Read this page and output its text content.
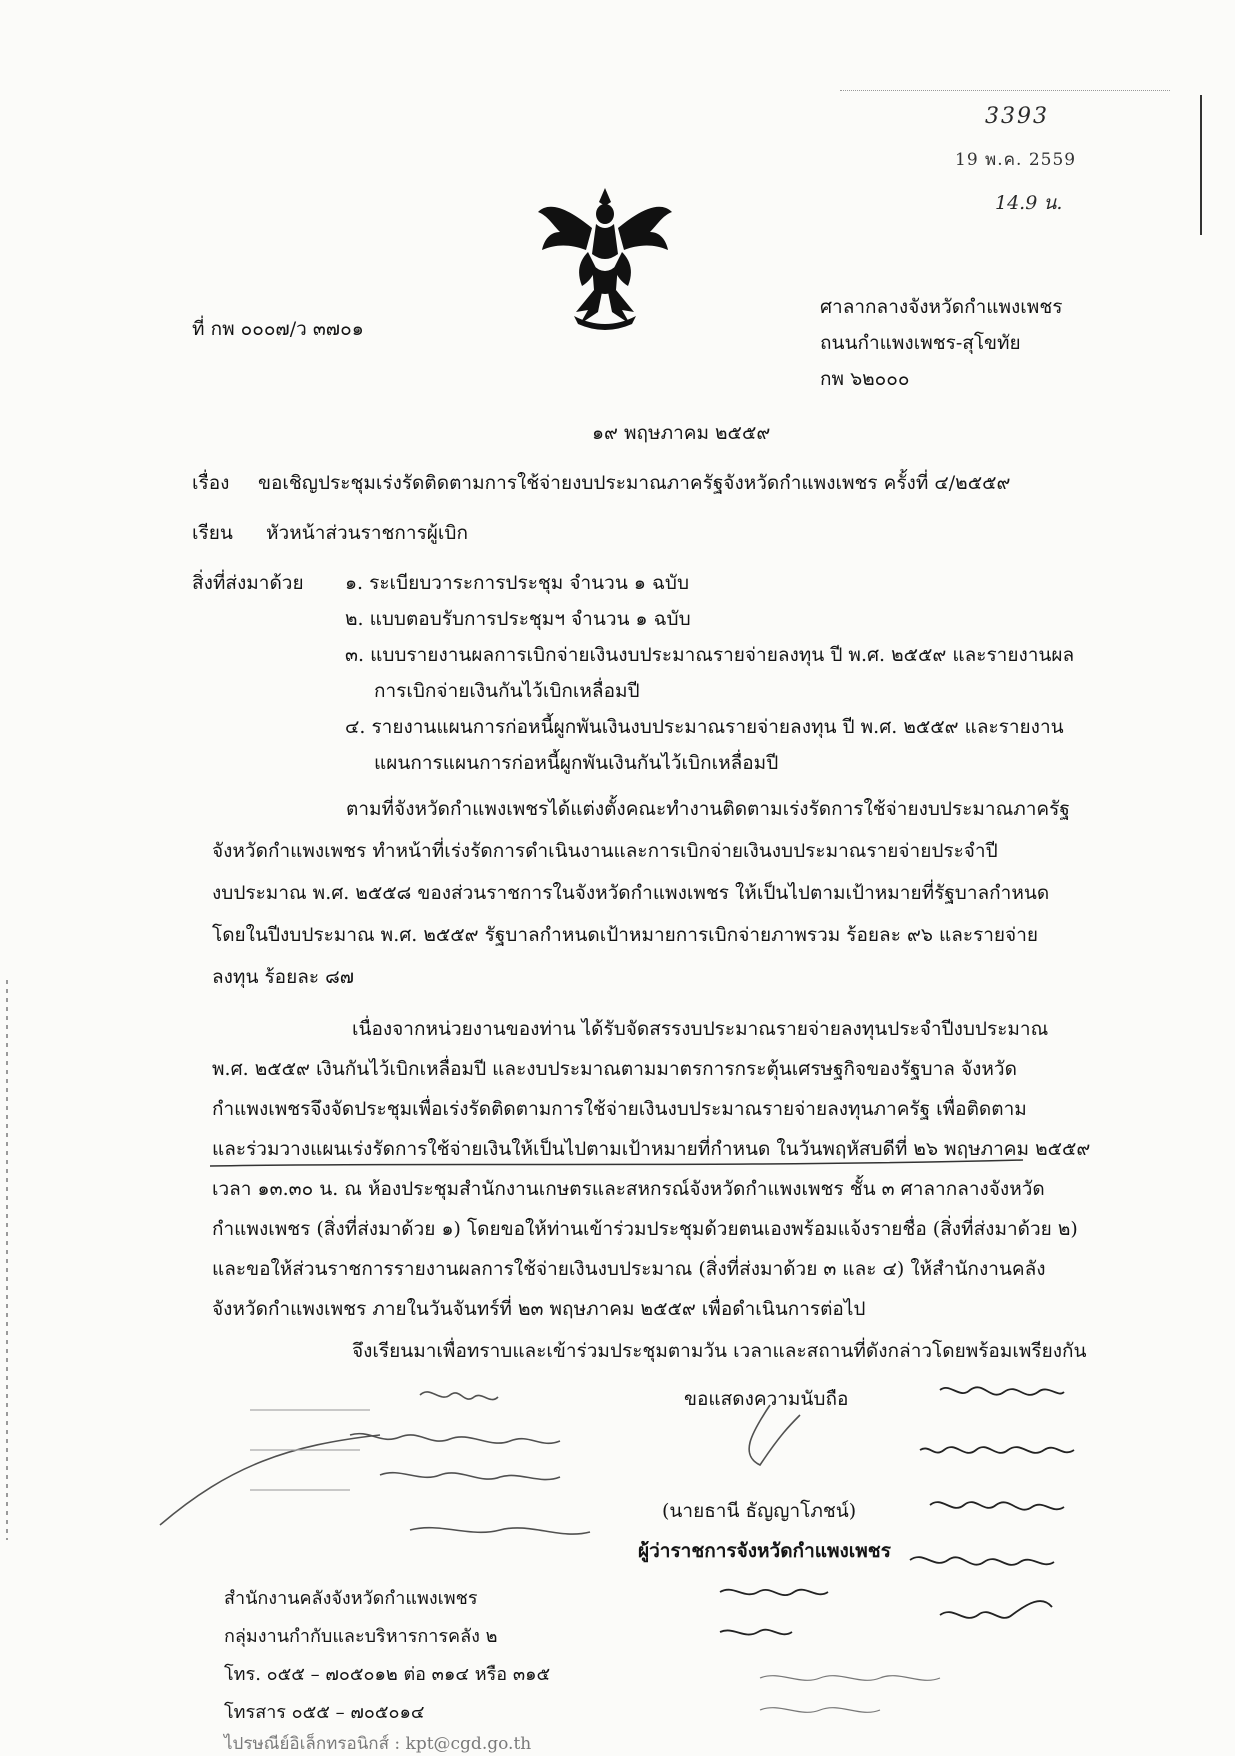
3393
19 พ.ค. 2559
14.9 น.
ที่ กพ ๐๐๐๗/ว ๓๗๐๑
ศาลากลางจังหวัดกำแพงเพชร
ถนนกำแพงเพชร-สุโขทัย
กพ ๖๒๐๐๐
๑๙ พฤษภาคม ๒๕๕๙
เรื่อง ขอเชิญประชุมเร่งรัดติดตามการใช้จ่ายงบประมาณภาครัฐจังหวัดกำแพงเพชร ครั้งที่ ๔/๒๕๕๙
เรียน หัวหน้าส่วนราชการผู้เบิก
สิ่งที่ส่งมาด้วย ๑. ระเบียบวาระการประชุม จำนวน ๑ ฉบับ
๒. แบบตอบรับการประชุมฯ จำนวน ๑ ฉบับ
๓. แบบรายงานผลการเบิกจ่ายเงินงบประมาณรายจ่ายลงทุน ปี พ.ศ. ๒๕๕๙ และรายงานผล
การเบิกจ่ายเงินกันไว้เบิกเหลื่อมปี
๔. รายงานแผนการก่อหนี้ผูกพันเงินงบประมาณรายจ่ายลงทุน ปี พ.ศ. ๒๕๕๙ และรายงาน
แผนการแผนการก่อหนี้ผูกพันเงินกันไว้เบิกเหลื่อมปี
ตามที่จังหวัดกำแพงเพชรได้แต่งตั้งคณะทำงานติดตามเร่งรัดการใช้จ่ายงบประมาณภาครัฐ
จังหวัดกำแพงเพชร ทำหน้าที่เร่งรัดการดำเนินงานและการเบิกจ่ายเงินงบประมาณรายจ่ายประจำปี
งบประมาณ พ.ศ. ๒๕๕๘ ของส่วนราชการในจังหวัดกำแพงเพชร ให้เป็นไปตามเป้าหมายที่รัฐบาลกำหนด
โดยในปีงบประมาณ พ.ศ. ๒๕๕๙ รัฐบาลกำหนดเป้าหมายการเบิกจ่ายภาพรวม ร้อยละ ๙๖ และรายจ่าย
ลงทุน ร้อยละ ๘๗
เนื่องจากหน่วยงานของท่าน ได้รับจัดสรรงบประมาณรายจ่ายลงทุนประจำปีงบประมาณ
พ.ศ. ๒๕๕๙ เงินกันไว้เบิกเหลื่อมปี และงบประมาณตามมาตรการกระตุ้นเศรษฐกิจของรัฐบาล จังหวัด
กำแพงเพชรจึงจัดประชุมเพื่อเร่งรัดติดตามการใช้จ่ายเงินงบประมาณรายจ่ายลงทุนภาครัฐ เพื่อติดตาม
และร่วมวางแผนเร่งรัดการใช้จ่ายเงินให้เป็นไปตามเป้าหมายที่กำหนด ในวันพฤหัสบดีที่ ๒๖ พฤษภาคม ๒๕๕๙
เวลา ๑๓.๓๐ น. ณ ห้องประชุมสำนักงานเกษตรและสหกรณ์จังหวัดกำแพงเพชร ชั้น ๓ ศาลากลางจังหวัด
กำแพงเพชร (สิ่งที่ส่งมาด้วย ๑) โดยขอให้ท่านเข้าร่วมประชุมด้วยตนเองพร้อมแจ้งรายชื่อ (สิ่งที่ส่งมาด้วย ๒)
และขอให้ส่วนราชการรายงานผลการใช้จ่ายเงินงบประมาณ (สิ่งที่ส่งมาด้วย ๓ และ ๔) ให้สำนักงานคลัง
จังหวัดกำแพงเพชร ภายในวันจันทร์ที่ ๒๓ พฤษภาคม ๒๕๕๙ เพื่อดำเนินการต่อไป
จึงเรียนมาเพื่อทราบและเข้าร่วมประชุมตามวัน เวลาและสถานที่ดังกล่าวโดยพร้อมเพรียงกัน
ขอแสดงความนับถือ
(นายธานี ธัญญาโภชน์)
ผู้ว่าราชการจังหวัดกำแพงเพชร
สำนักงานคลังจังหวัดกำแพงเพชร
กลุ่มงานกำกับและบริหารการคลัง ๒
โทร. ๐๕๕ – ๗๐๕๐๑๒ ต่อ ๓๑๔ หรือ ๓๑๕
โทรสาร ๐๕๕ – ๗๐๕๐๑๔
ไปรษณีย์อิเล็กทรอนิกส์ : kpt@cgd.go.th
